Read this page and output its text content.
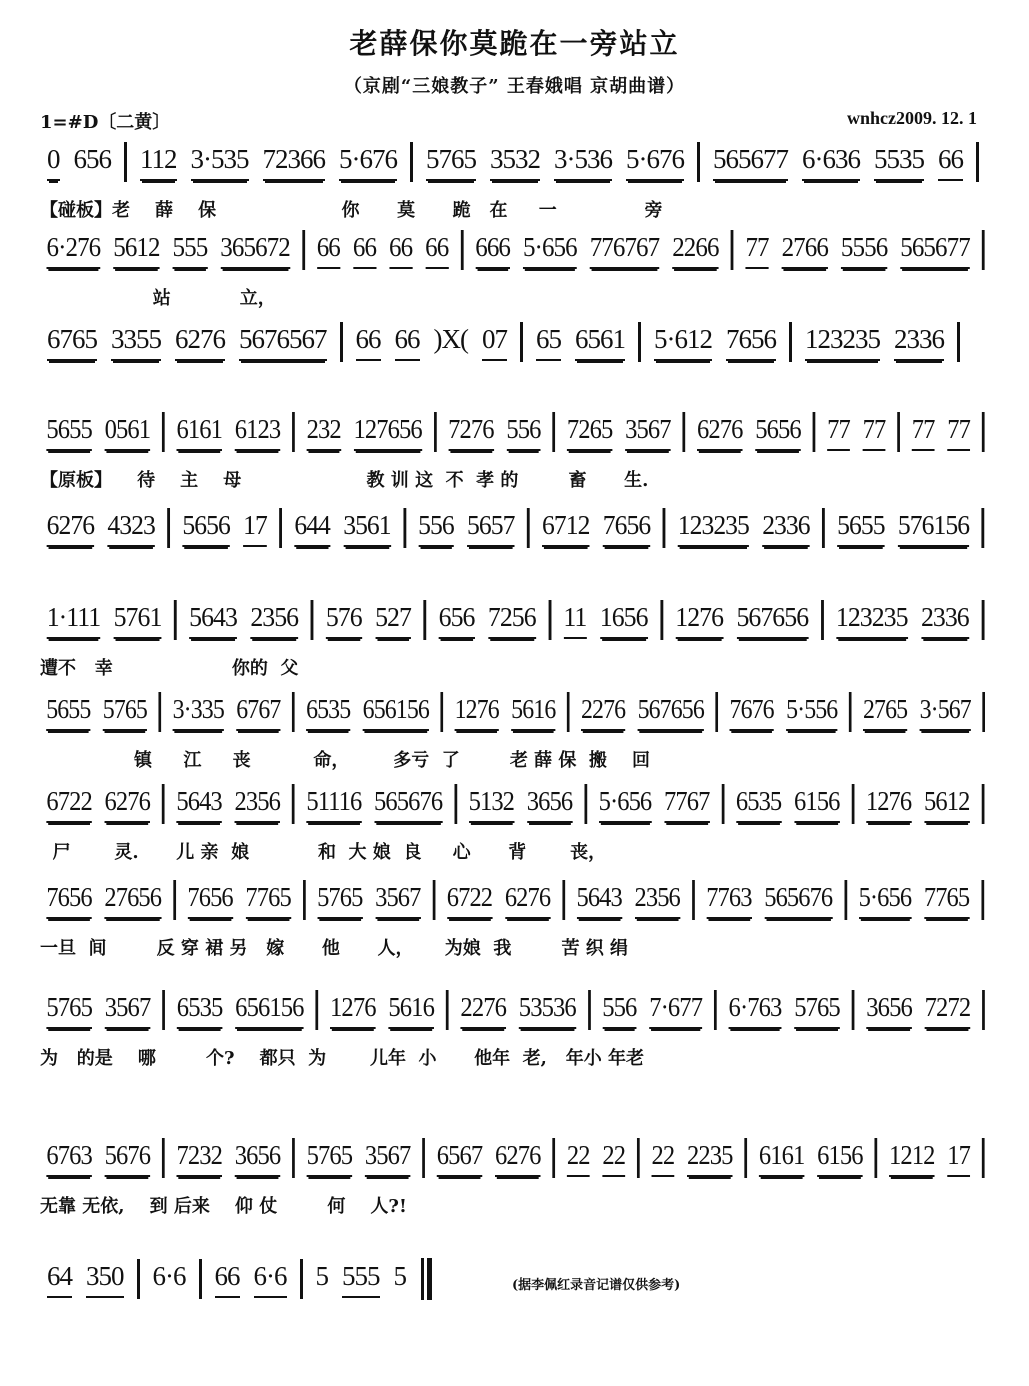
老薛保你莫跪在一旁站立
（京剧“三娘教子” 王春娥唱 京胡曲谱）
1=#D〔二黄〕	wnhcz2009. 12. 1
0 656 112 3·535 72366 5·676 5765 3532 3·536 5·676 565677 6·636 5535 66
【碰板】老    薛    保                    你      莫      跪   在     一              旁
6·276 5612 555 365672 66 66 66 66 666 5·656 776767 2266 77 2766 5556 565677
站           立，
6765 3355 6276 5676567 66 66 )X( 07 65 6561 5·612 7656 123235 2336
5655 0561 6161 6123 232 127656 7276 556 7265 3567 6276 5656 77 77 77 77
【原板】    待    主    母                    教 训 这  不  孝 的        畜      生.
6276 4323 5656 17 644 3561 556 5657 6712 7656 123235 2336 5655 576156
1·111 5761 5643 2356 576 527 656 7256 11 1656 1276 567656 123235 2336
遭不   幸                   你的  父
5655 5765 3·335 6767 6535 656156 1276 5616 2276 567656 7676 5·556 2765 3·567
镇     江     丧          命，       多亏  了        老 薛 保  搬    回
6722 6276 5643 2356 51116 565676 5132 3656 5·656 7767 6535 6156 1276 5612
尸       灵.      儿 亲  娘           和  大 娘  良     心      背       丧，
7656 27656 7656 7765 5765 3567 6722 6276 5643 2356 7763 565676 5·656 7765
一旦  间        反 穿 裙 另   嫁      他      人，     为娘  我        苦 织 绢
5765 3567 6535 656156 1276 5616 2276 53536 556 7·677 6·763 5765 3656 7272
为   的是    哪        个?    都只  为       儿年  小      他年  老,   年小 年老
6763 5676 7232 3656 5765 3567 6567 6276 22 22 22 2235 6161 6156 1212 17
无靠 无依,    到 后来    仰 仗        何    人?!
64 350 6·6 66 6·6 5 555 5	(据李佩红录音记谱仅供参考)
